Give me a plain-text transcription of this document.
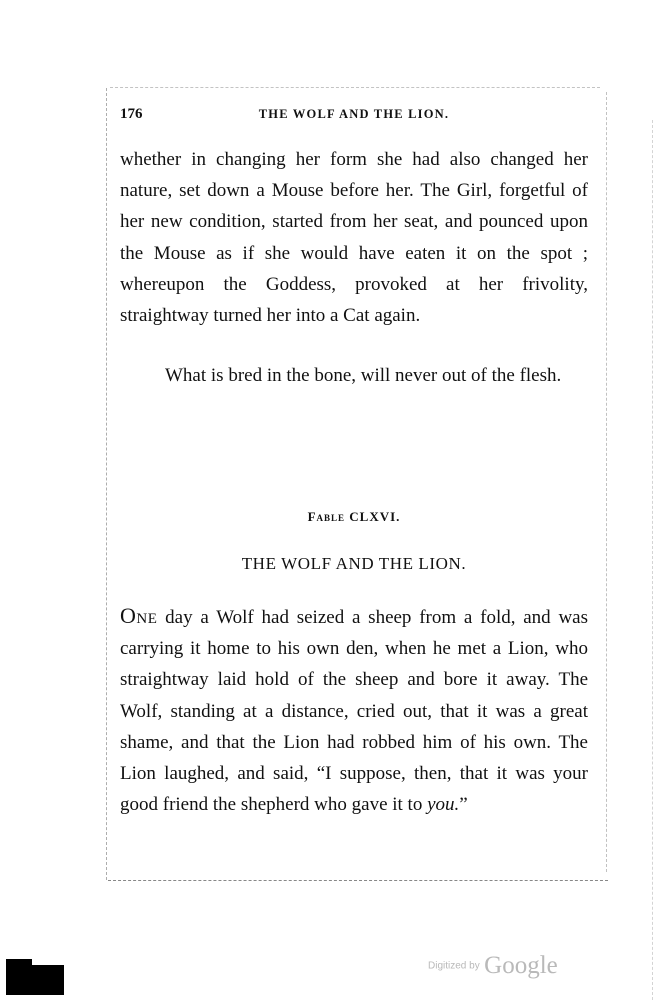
176	THE WOLF AND THE LION.

whether in changing her form she had also changed her nature, set down a Mouse before her. The Girl, forgetful of her new condition, started from her seat, and pounced upon the Mouse as if she would have eaten it on the spot ; whereupon the Goddess, provoked at her frivolity, straightway turned her into a Cat again.

What is bred in the bone, will never out of the flesh.

Fable CLXVI.
THE WOLF AND THE LION.

One day a Wolf had seized a sheep from a fold, and was carrying it home to his own den, when he met a Lion, who straightway laid hold of the sheep and bore it away. The Wolf, standing at a distance, cried out, that it was a great shame, and that the Lion had robbed him of his own. The Lion laughed, and said, “I suppose, then, that it was your good friend the shepherd who gave it to you.”

Digitized by Google
